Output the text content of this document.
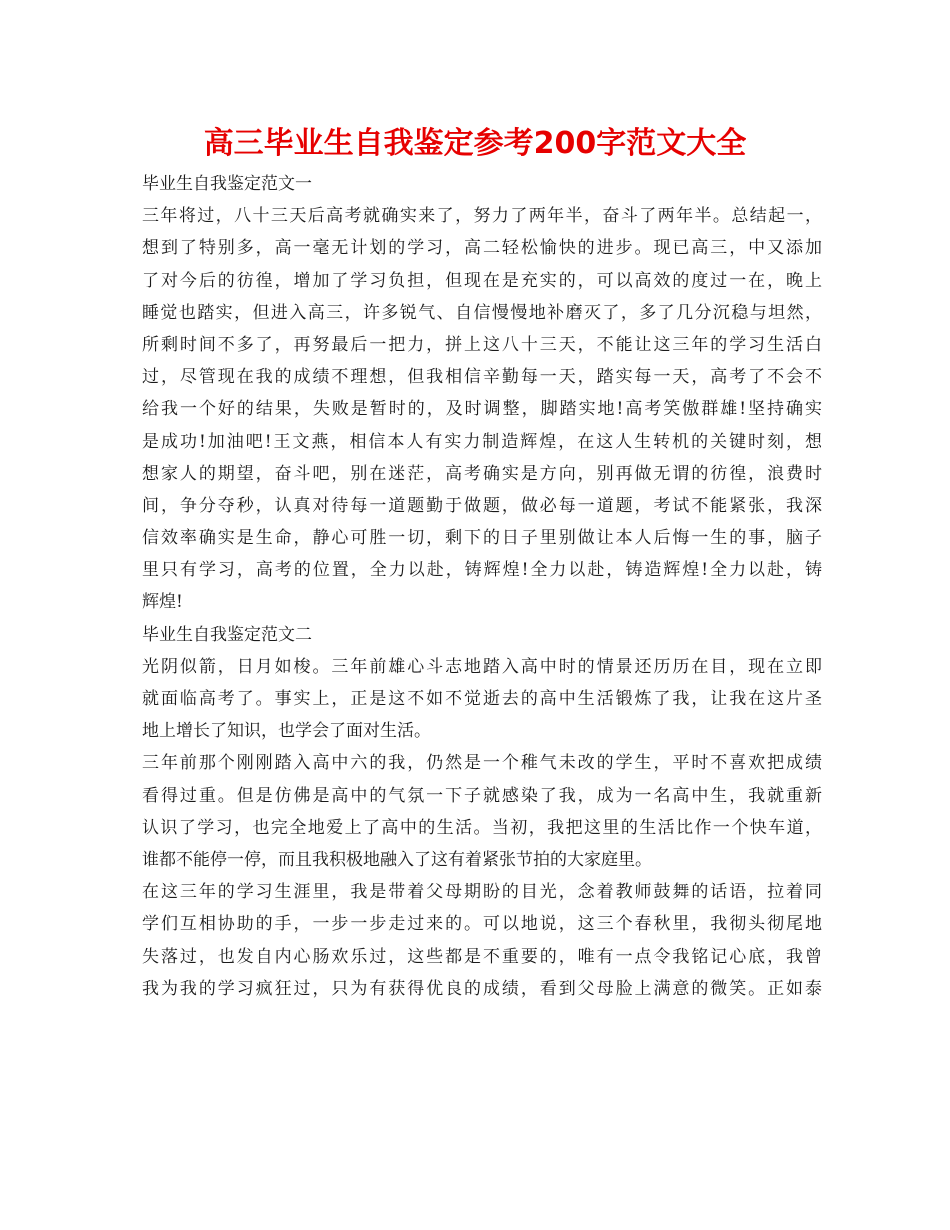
高三毕业生自我鉴定参考200字范文大全
毕业生自我鉴定范文一
三年将过，八十三天后高考就确实来了，努力了两年半，奋斗了两年半。总结起一，
想到了特别多，高一毫无计划的学习，高二轻松愉快的进步。现已高三，中又添加
了对今后的彷徨，增加了学习负担，但现在是充实的，可以高效的度过一在，晚上
睡觉也踏实，但进入高三，许多锐气、自信慢慢地补磨灭了，多了几分沉稳与坦然，
所剩时间不多了，再努最后一把力，拼上这八十三天，不能让这三年的学习生活白
过，尽管现在我的成绩不理想，但我相信辛勤每一天，踏实每一天，高考了不会不
给我一个好的结果，失败是暂时的，及时调整，脚踏实地!高考笑傲群雄!坚持确实
是成功!加油吧!王文燕，相信本人有实力制造辉煌，在这人生转机的关键时刻，想
想家人的期望，奋斗吧，别在迷茫，高考确实是方向，别再做无谓的彷徨，浪费时
间，争分夺秒，认真对待每一道题勤于做题，做必每一道题，考试不能紧张，我深
信效率确实是生命，静心可胜一切，剩下的日子里别做让本人后悔一生的事，脑子
里只有学习，高考的位置，全力以赴，铸辉煌!全力以赴，铸造辉煌!全力以赴，铸
辉煌!
毕业生自我鉴定范文二
光阴似箭，日月如梭。三年前雄心斗志地踏入高中时的情景还历历在目，现在立即
就面临高考了。事实上，正是这不如不觉逝去的高中生活锻炼了我，让我在这片圣
地上增长了知识，也学会了面对生活。
三年前那个刚刚踏入高中六的我，仍然是一个稚气未改的学生，平时不喜欢把成绩
看得过重。但是仿佛是高中的气氛一下子就感染了我，成为一名高中生，我就重新
认识了学习，也完全地爱上了高中的生活。当初，我把这里的生活比作一个快车道，
谁都不能停一停，而且我积极地融入了这有着紧张节拍的大家庭里。
在这三年的学习生涯里，我是带着父母期盼的目光，念着教师鼓舞的话语，拉着同
学们互相协助的手，一步一步走过来的。可以地说，这三个春秋里，我彻头彻尾地
失落过，也发自内心肠欢乐过，这些都是不重要的，唯有一点令我铭记心底，我曾
我为我的学习疯狂过，只为有获得优良的成绩，看到父母脸上满意的微笑。正如泰
